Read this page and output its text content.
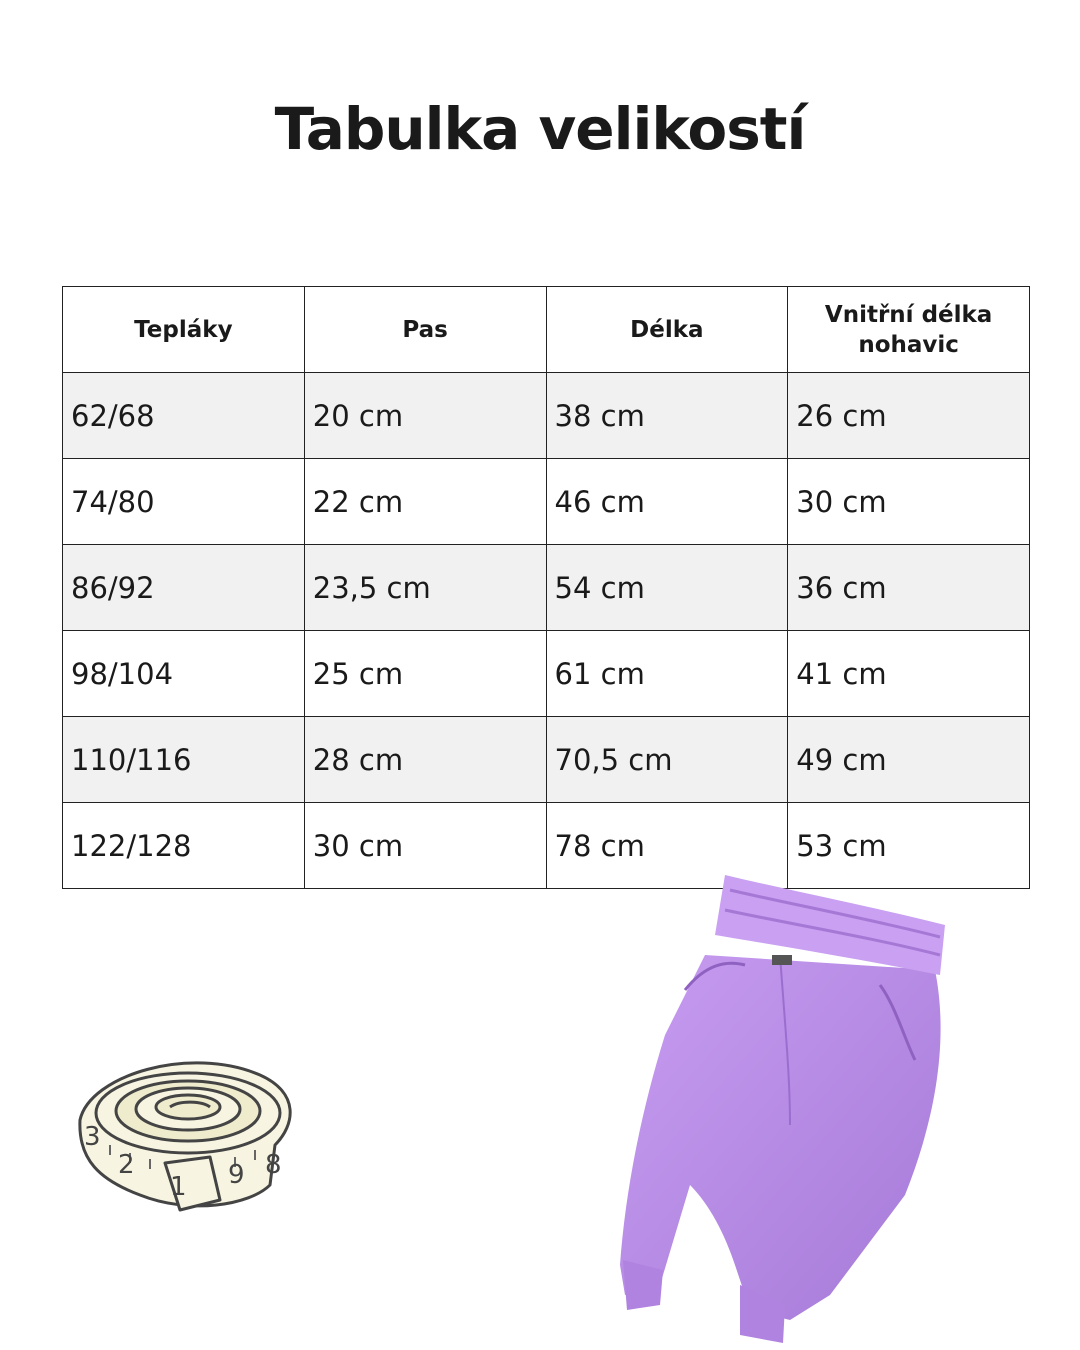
Tabulka velikostí
Tepláky	Pas	Délka	Vnitřní délka nohavic
62/68	20 cm	38 cm	26 cm
74/80	22 cm	46 cm	30 cm
86/92	23,5 cm	54 cm	36 cm
98/104	25 cm	61 cm	41 cm
110/116	28 cm	70,5 cm	49 cm
122/128	30 cm	78 cm	53 cm
3
2
1 9 8
